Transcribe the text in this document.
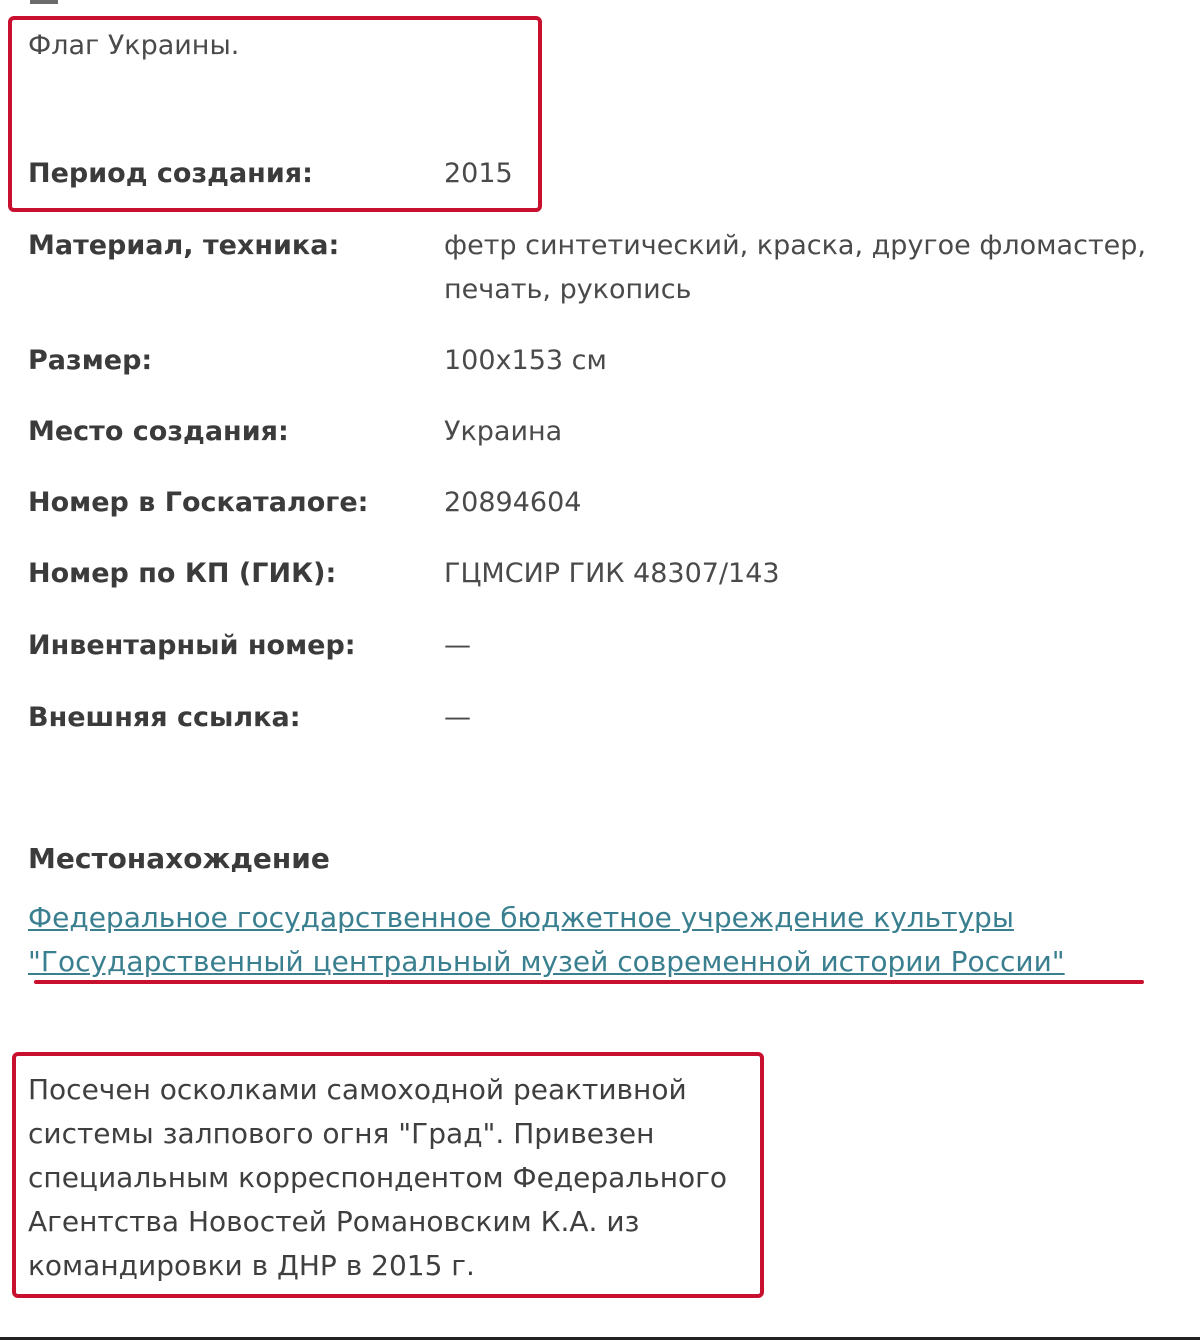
Флаг Украины.
Период создания:	2015
Материал, техника:	фетр синтетический, краска, другое фломастер, печать, рукопись
Размер:	100x153 см
Место создания:	Украина
Номер в Госкаталоге:	20894604
Номер по КП (ГИК):	ГЦМСИР ГИК 48307/143
Инвентарный номер:	—
Внешняя ссылка:	—
Местонахождение
Федеральное государственное бюджетное учреждение культуры "Государственный центральный музей современной истории России"
Посечен осколками самоходной реактивной системы залпового огня "Град". Привезен специальным корреспондентом Федерального Агентства Новостей Романовским К.А. из командировки в ДНР в 2015 г.
